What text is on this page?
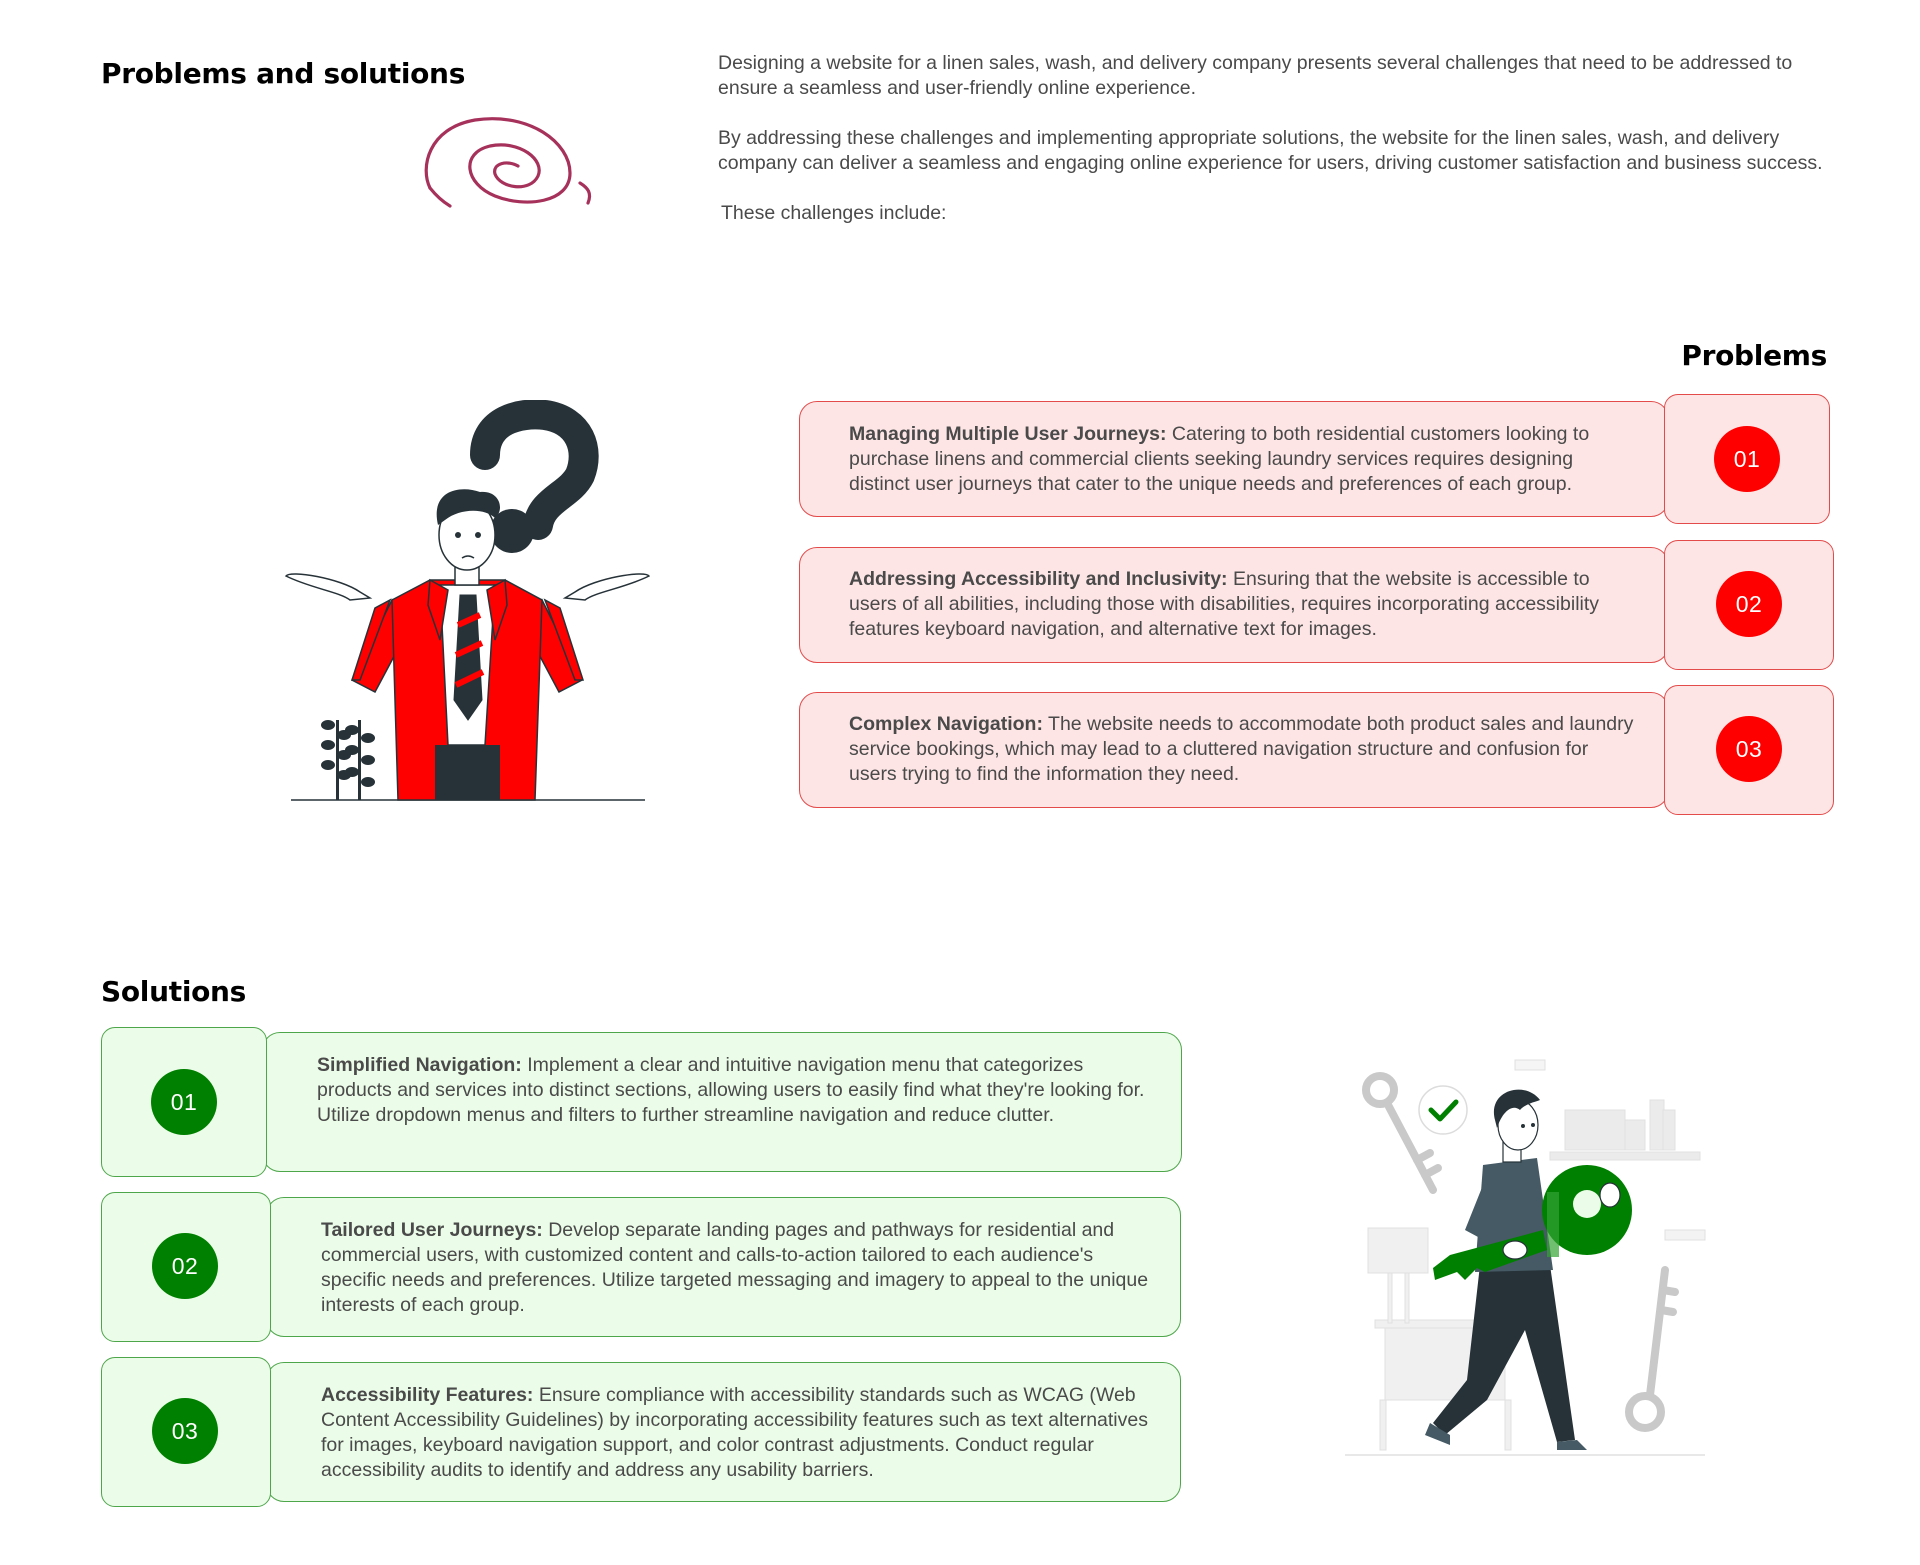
Problems and solutions	Designing a website for a linen sales, wash, and delivery company presents several challenges that need to be addressed to ensure a seamless and user-friendly online experience.

By addressing these challenges and implementing appropriate solutions, the website for the linen sales, wash, and delivery company can deliver a seamless and engaging online experience for users, driving customer satisfaction and business success.

These challenges include:

Problems
Managing Multiple User Journeys: Catering to both residential customers looking to purchase linens and commercial clients seeking laundry services requires designing distinct user journeys that cater to the unique needs and preferences of each group.
01
Addressing Accessibility and Inclusivity: Ensuring that the website is accessible to users of all abilities, including those with disabilities, requires incorporating accessibility features keyboard navigation, and alternative text for images.
02
Complex Navigation: The website needs to accommodate both product sales and laundry service bookings, which may lead to a cluttered navigation structure and confusion for users trying to find the information they need.
03
Solutions
01
Simplified Navigation: Implement a clear and intuitive navigation menu that categorizes products and services into distinct sections, allowing users to easily find what they're looking for. Utilize dropdown menus and filters to further streamline navigation and reduce clutter.
02
Tailored User Journeys: Develop separate landing pages and pathways for residential and commercial users, with customized content and calls-to-action tailored to each audience's specific needs and preferences. Utilize targeted messaging and imagery to appeal to the unique interests of each group.
03
Accessibility Features: Ensure compliance with accessibility standards such as WCAG (Web Content Accessibility Guidelines) by incorporating accessibility features such as text alternatives for images, keyboard navigation support, and color contrast adjustments. Conduct regular accessibility audits to identify and address any usability barriers.
